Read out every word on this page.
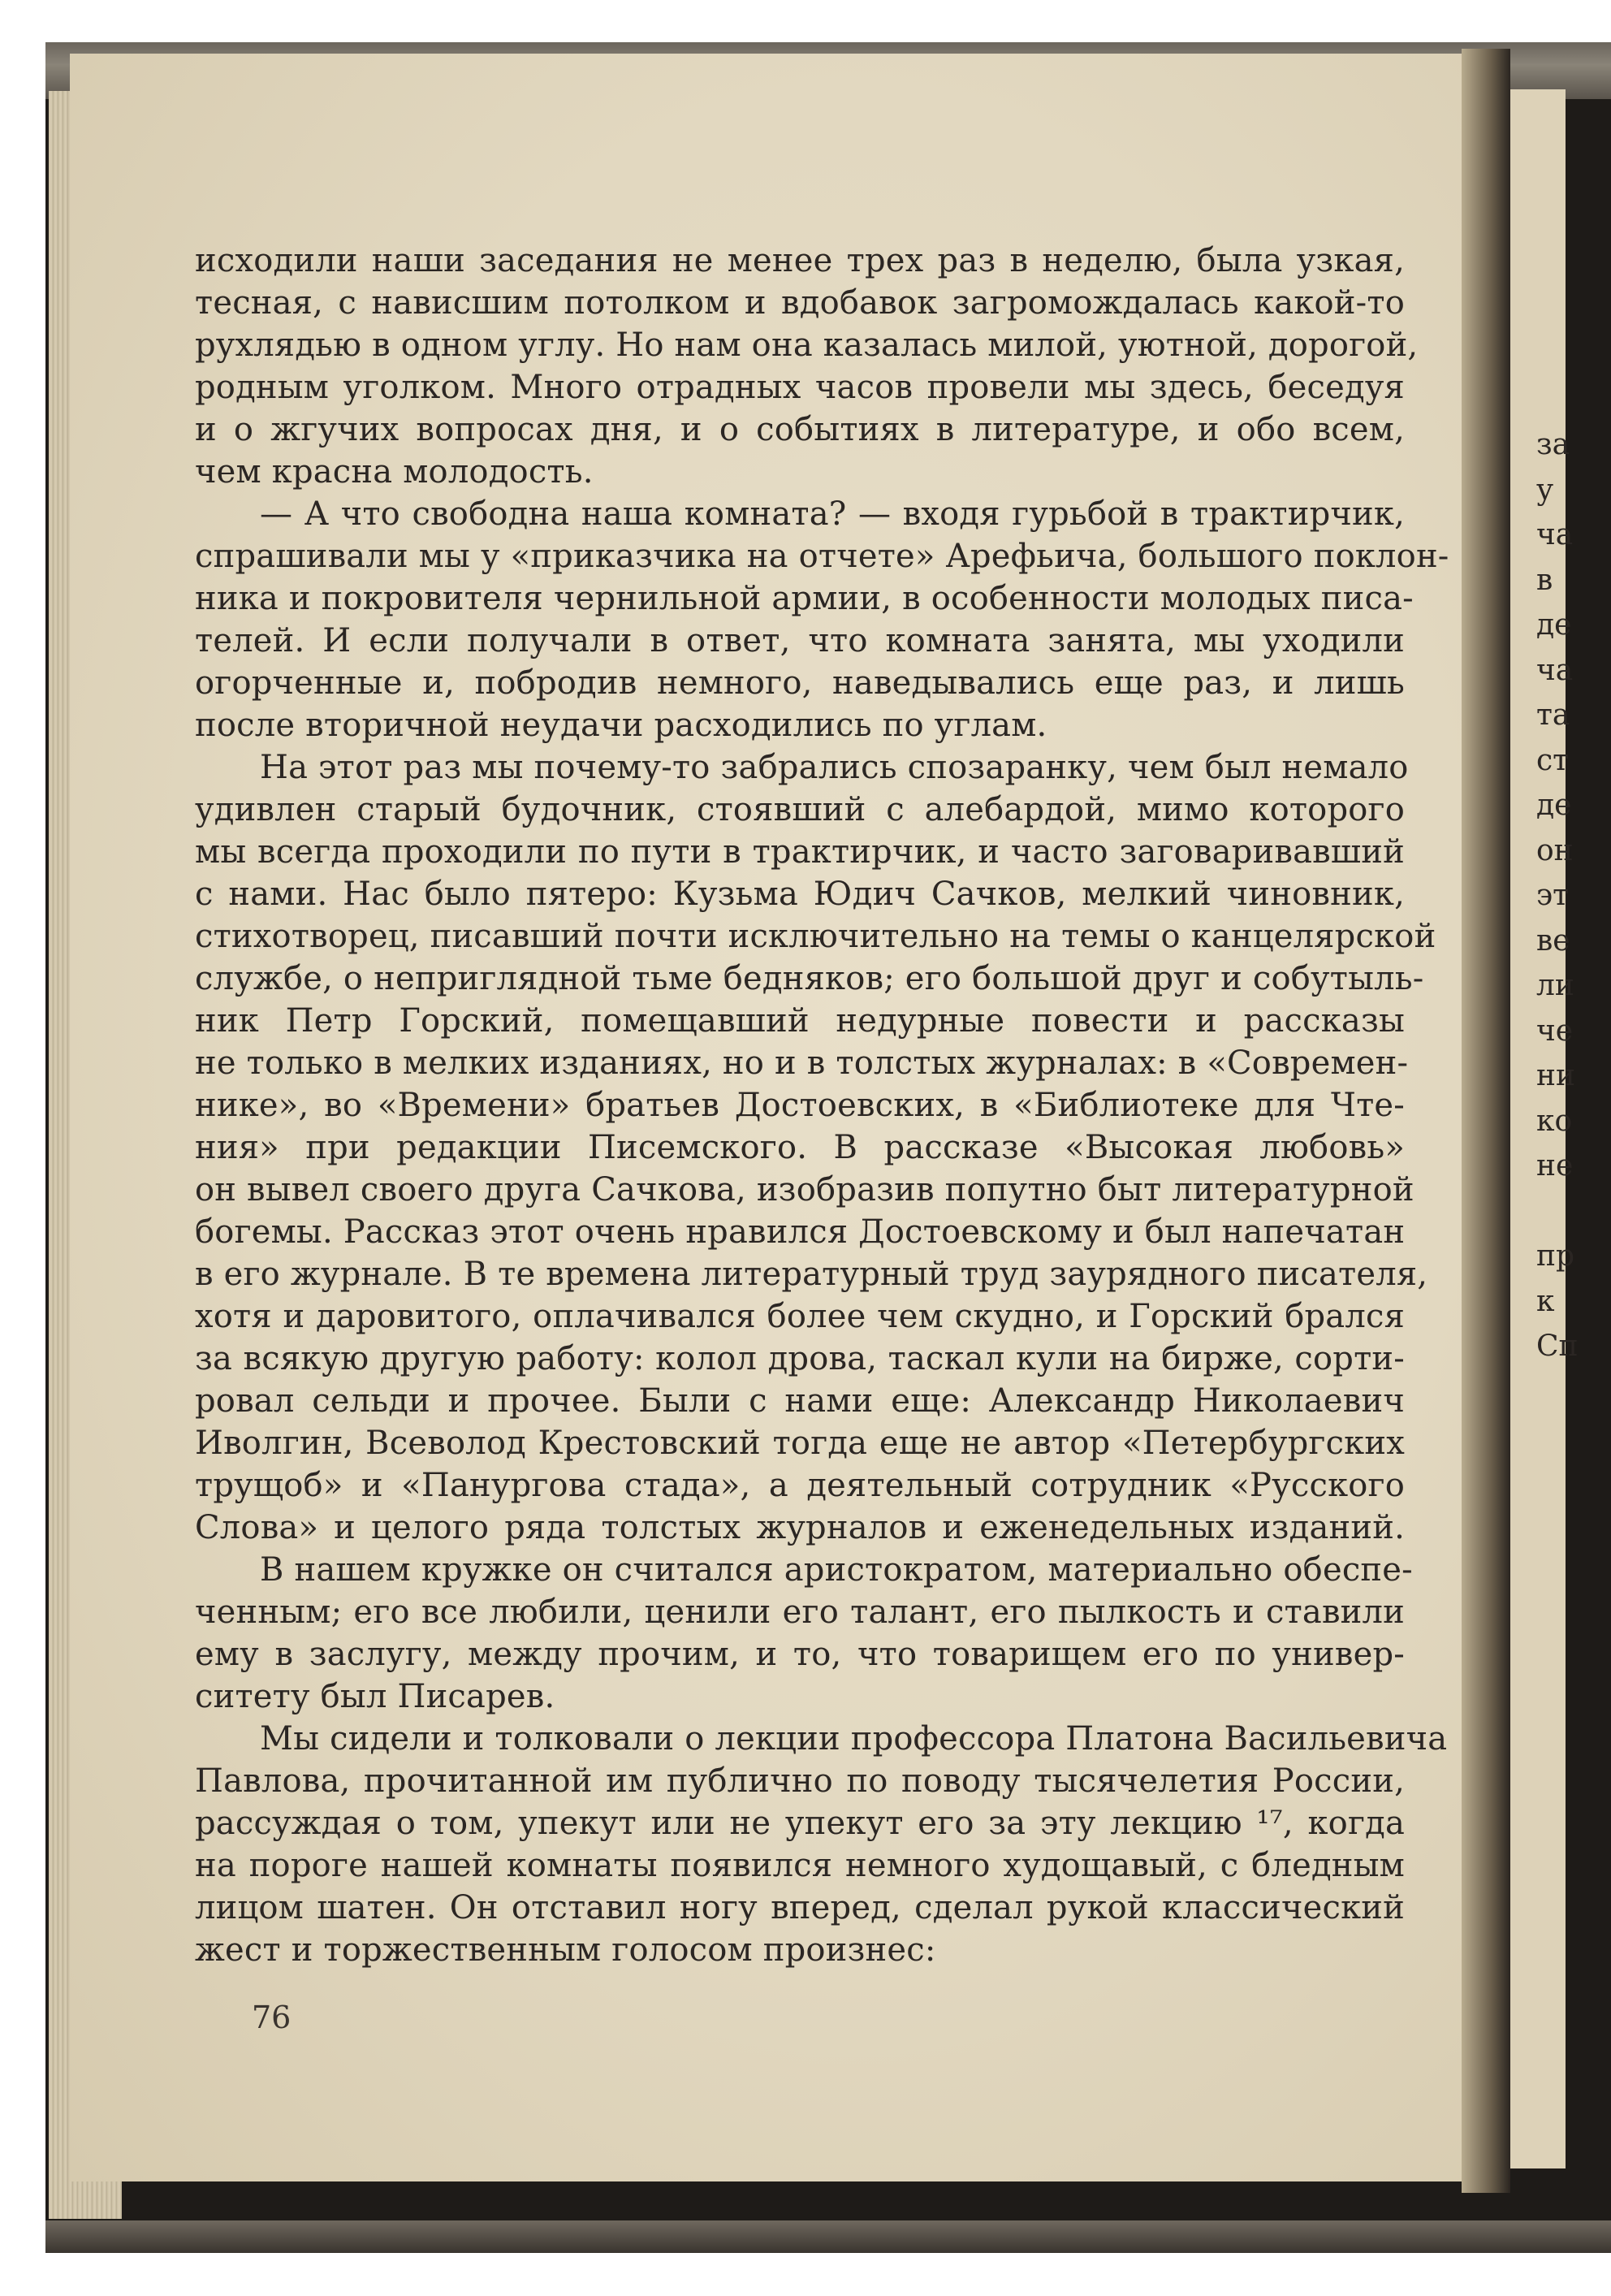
исходили наши заседания не менее трех раз в неделю, была узкая,
тесная, с нависшим потолком и вдобавок загромождалась какой-то
рухлядью в одном углу. Но нам она казалась милой, уютной, дорогой,
родным уголком. Много отрадных часов провели мы здесь, беседуя
и о жгучих вопросах дня, и о событиях в литературе, и обо всем,
чем красна молодость.
— А что свободна наша комната? — входя гурьбой в трактирчик,
спрашивали мы у «приказчика на отчете» Арефьича, большого поклон-
ника и покровителя чернильной армии, в особенности молодых писа-
телей. И если получали в ответ, что комната занята, мы уходили
огорченные и, побродив немного, наведывались еще раз, и лишь
после вторичной неудачи расходились по углам.
На этот раз мы почему-то забрались спозаранку, чем был немало
удивлен старый будочник, стоявший с алебардой, мимо которого
мы всегда проходили по пути в трактирчик, и часто заговаривавший
с нами. Нас было пятеро: Кузьма Юдич Сачков, мелкий чиновник,
стихотворец, писавший почти исключительно на темы о канцелярской
службе, о неприглядной тьме бедняков; его большой друг и собутыль-
ник Петр Горский, помещавший недурные повести и рассказы
не только в мелких изданиях, но и в толстых журналах: в «Современ-
нике», во «Времени» братьев Достоевских, в «Библиотеке для Чте-
ния» при редакции Писемского. В рассказе «Высокая любовь»
он вывел своего друга Сачкова, изобразив попутно быт литературной
богемы. Рассказ этот очень нравился Достоевскому и был напечатан
в его журнале. В те времена литературный труд заурядного писателя,
хотя и даровитого, оплачивался более чем скудно, и Горский брался
за всякую другую работу: колол дрова, таскал кули на бирже, сорти-
ровал сельди и прочее. Были с нами еще: Александр Николаевич
Иволгин, Всеволод Крестовский тогда еще не автор «Петербургских
трущоб» и «Панургова стада», а деятельный сотрудник «Русского
Слова» и целого ряда толстых журналов и еженедельных изданий.
В нашем кружке он считался аристократом, материально обеспе-
ченным; его все любили, ценили его талант, его пылкость и ставили
ему в заслугу, между прочим, и то, что товарищем его по универ-
ситету был Писарев.
Мы сидели и толковали о лекции профессора Платона Васильевича
Павлова, прочитанной им публично по поводу тысячелетия России,
рассуждая о том, упекут или не упекут его за эту лекцию ¹⁷, когда
на пороге нашей комнаты появился немного худощавый, с бледным
лицом шатен. Он отставил ногу вперед, сделал рукой классический
жест и торжественным голосом произнес:
76
за
у
ча
в
де
ча
та
ст
де
он
эт
ве
ли
че
ни
ко
не
пр
к
Сп
